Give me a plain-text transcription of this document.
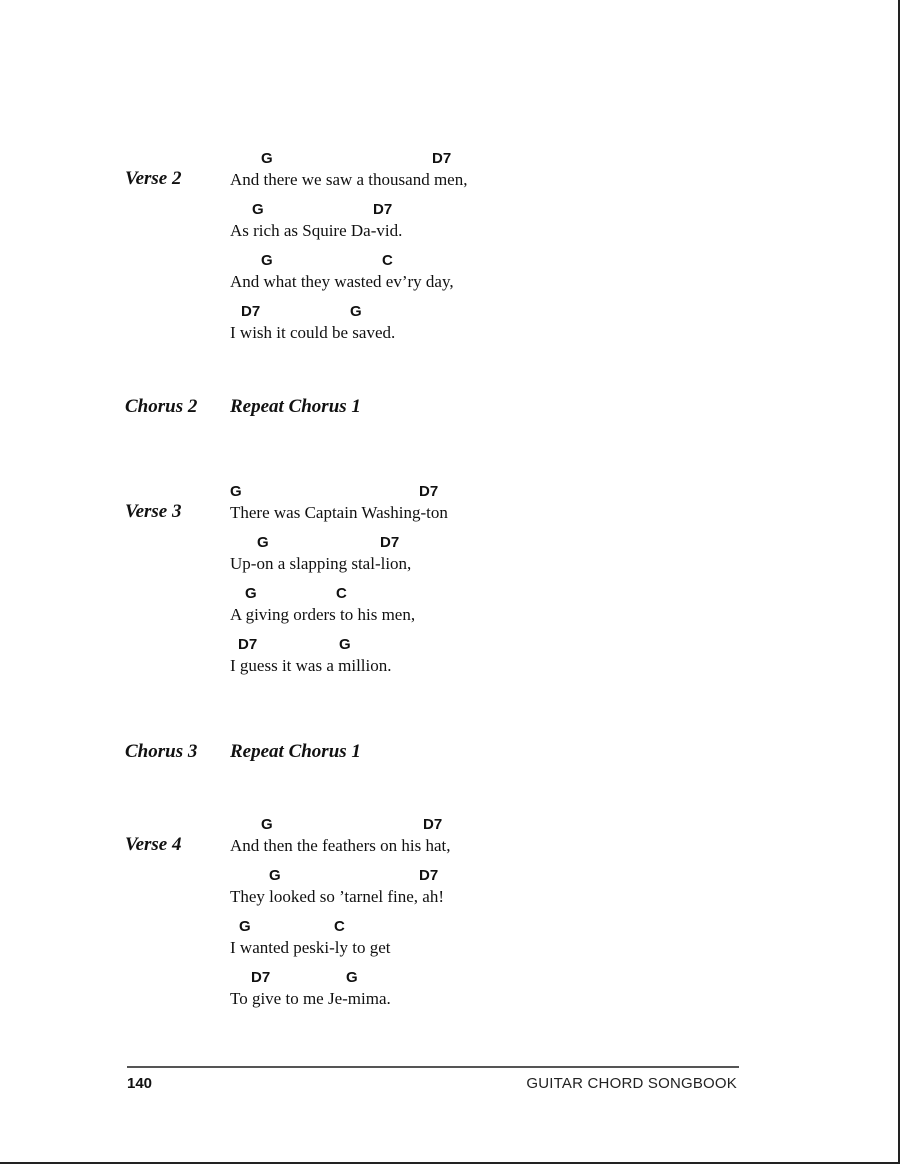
Verse 2
G	D7
And there we saw a thousand men,
G	D7
As rich as Squire Da-vid.
G	C
And what they wasted ev’ry day,
D7	G
I wish it could be saved.
Chorus 2 Repeat Chorus 1
Verse 3
G	D7
There was Captain Washing-ton
G	D7
Up-on a slapping stal-lion,
G	C
A giving orders to his men,
D7	G
I guess it was a million.
Chorus 3 Repeat Chorus 1
Verse 4
G	D7
And then the feathers on his hat,
G	D7
They looked so ’tarnel fine, ah!
G	C
I wanted peski-ly to get
D7	G
To give to me Je-mima.
140	GUITAR CHORD SONGBOOK
